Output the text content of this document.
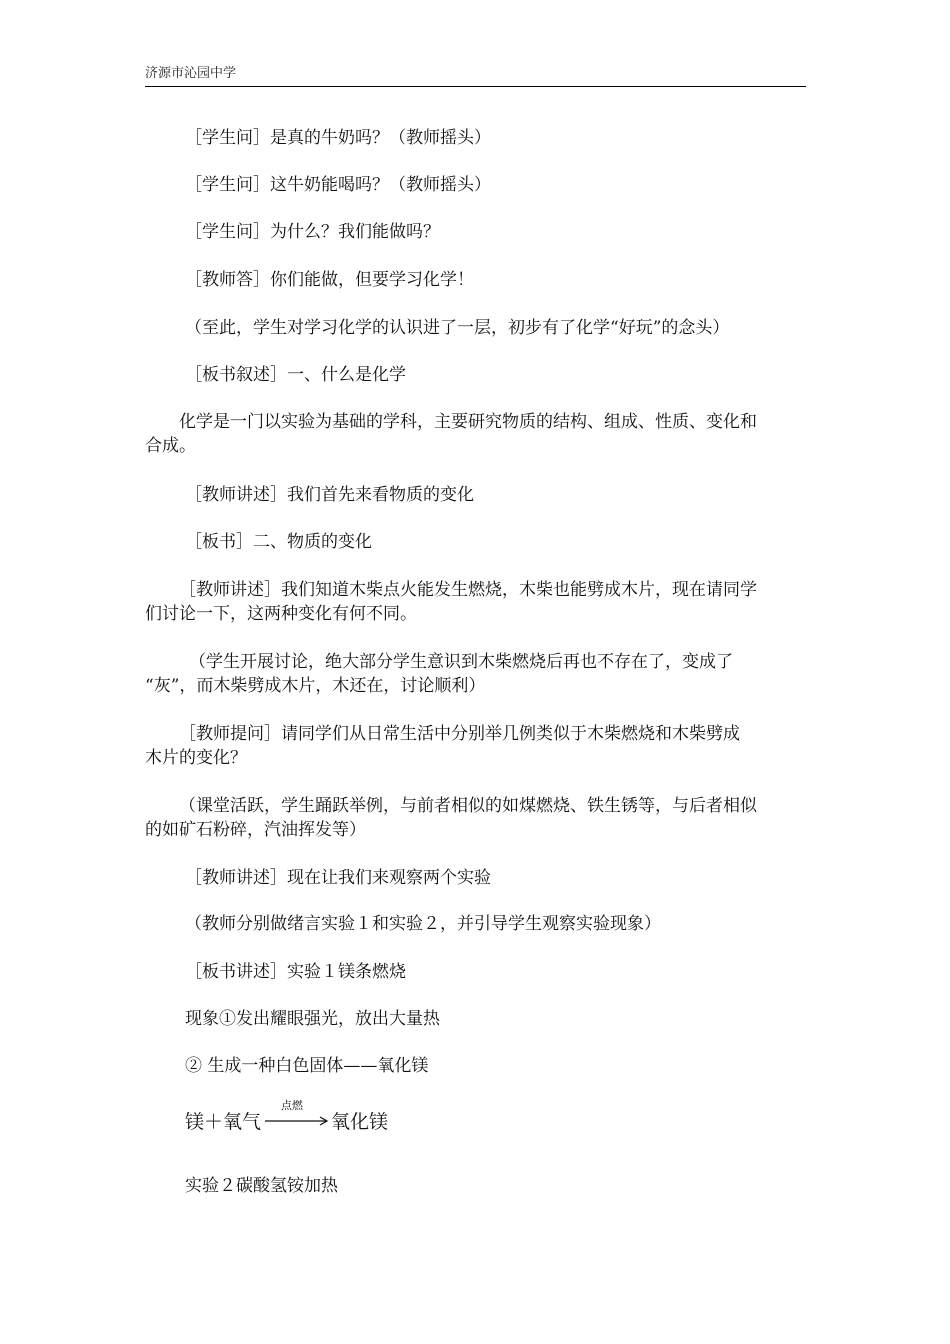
济源市沁园中学
［学生问］是真的牛奶吗？（教师摇头）
［学生问］这牛奶能喝吗？（教师摇头）
［学生问］为什么？我们能做吗？
［教师答］你们能做，但要学习化学！
（至此，学生对学习化学的认识进了一层，初步有了化学“好玩”的念头）
［板书叙述］一、什么是化学
化学是一门以实验为基础的学科，主要研究物质的结构、组成、性质、变化和
合成。
［教师讲述］我们首先来看物质的变化
［板书］二、物质的变化
［教师讲述］我们知道木柴点火能发生燃烧，木柴也能劈成木片，现在请同学
们讨论一下，这两种变化有何不同。
（学生开展讨论，绝大部分学生意识到木柴燃烧后再也不存在了，变成了
“灰”，而木柴劈成木片，木还在，讨论顺利）
［教师提问］请同学们从日常生活中分别举几例类似于木柴燃烧和木柴劈成
木片的变化？
（课堂活跃，学生踊跃举例，与前者相似的如煤燃烧、铁生锈等，与后者相似
的如矿石粉碎，汽油挥发等）
［教师讲述］现在让我们来观察两个实验
（教师分别做绪言实验１和实验２，并引导学生观察实验现象）
［板书讲述］实验１镁条燃烧
现象①发出耀眼强光，放出大量热
② 生成一种白色固体——氧化镁
镁＋氧气
点燃
→ 氧化镁
实验２碳酸氢铵加热
